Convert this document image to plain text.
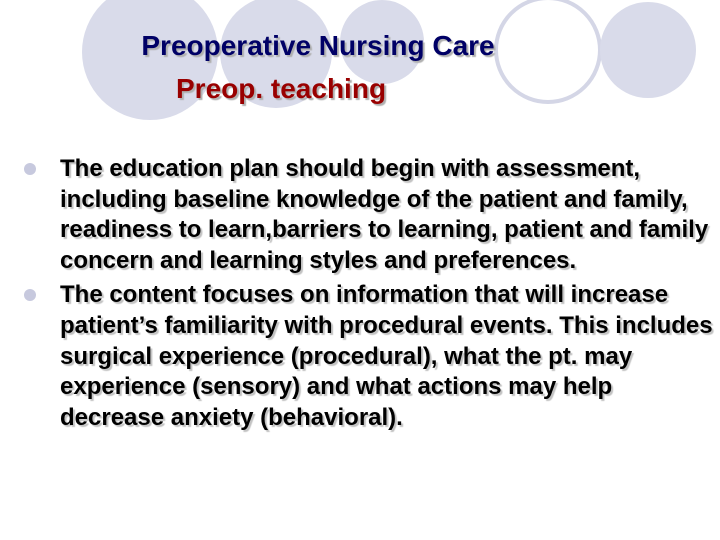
Preoperative Nursing Care
Preop. teaching
The education plan should begin with assessment, including baseline knowledge of the patient and family, readiness to learn,barriers to learning, patient and family concern and learning styles and preferences.
The content focuses on information that will increase patient’s familiarity with procedural events. This includes surgical experience (procedural), what the pt. may experience (sensory) and what actions may help decrease anxiety (behavioral).
